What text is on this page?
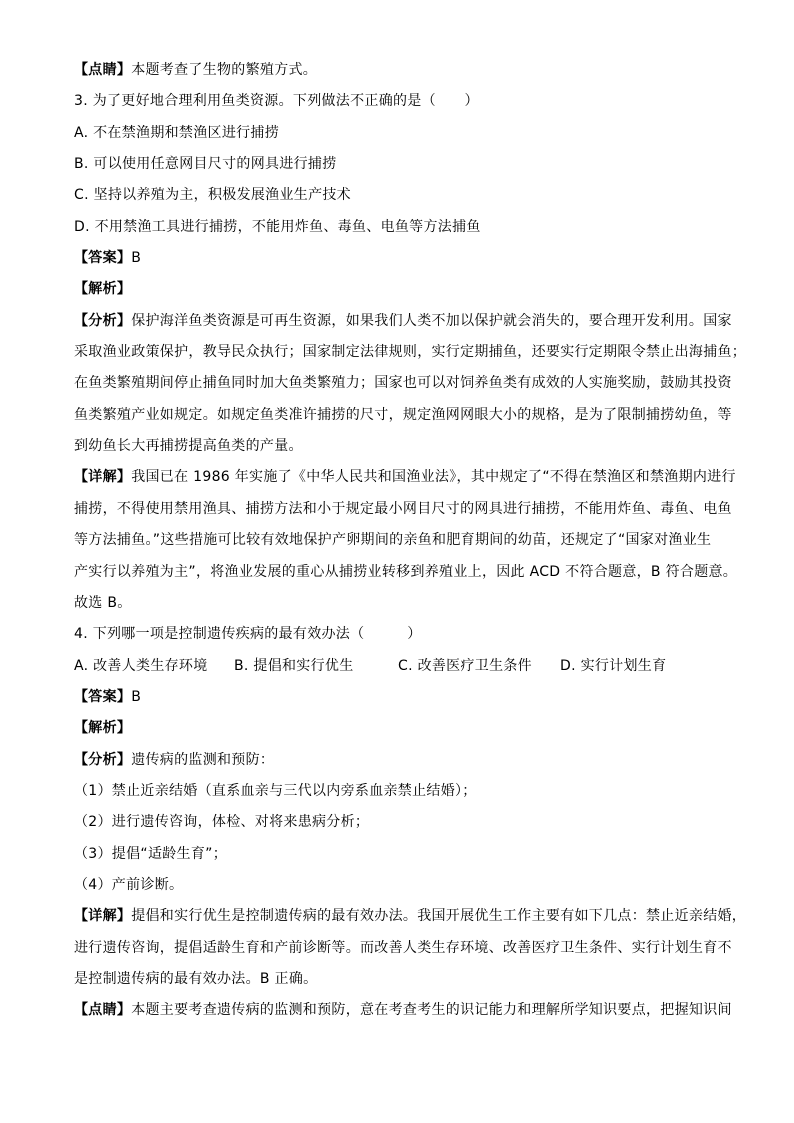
【点睛】本题考查了生物的繁殖方式。
3. 为了更好地合理利用鱼类资源。下列做法不正确的是（　　）
A. 不在禁渔期和禁渔区进行捕捞
B. 可以使用任意网目尺寸的网具进行捕捞
C. 坚持以养殖为主，积极发展渔业生产技术
D. 不用禁渔工具进行捕捞，不能用炸鱼、毒鱼、电鱼等方法捕鱼
【答案】B
【解析】
【分析】保护海洋鱼类资源是可再生资源，如果我们人类不加以保护就会消失的，要合理开发利用。国家
采取渔业政策保护，教导民众执行；国家制定法律规则，实行定期捕鱼，还要实行定期限令禁止出海捕鱼；
在鱼类繁殖期间停止捕鱼同时加大鱼类繁殖力；国家也可以对饲养鱼类有成效的人实施奖励，鼓励其投资
鱼类繁殖产业如规定。如规定鱼类准许捕捞的尺寸，规定渔网网眼大小的规格，是为了限制捕捞幼鱼，等
到幼鱼长大再捕捞提高鱼类的产量。
【详解】我国已在 1986 年实施了《中华人民共和国渔业法》，其中规定了“不得在禁渔区和禁渔期内进行
捕捞，不得使用禁用渔具、捕捞方法和小于规定最小网目尺寸的网具进行捕捞，不能用炸鱼、毒鱼、电鱼
等方法捕鱼。”这些措施可比较有效地保护产卵期间的亲鱼和肥育期间的幼苗，还规定了“国家对渔业生
产实行以养殖为主”，将渔业发展的重心从捕捞业转移到养殖业上，因此 ACD 不符合题意，B 符合题意。
故选 B。
4. 下列哪一项是控制遗传疾病的最有效办法（　　　）
A. 改善人类生存环境 B. 提倡和实行优生	C. 改善医疗卫生条件 D. 实行计划生育
【答案】B
【解析】
【分析】遗传病的监测和预防：
（1）禁止近亲结婚（直系血亲与三代以内旁系血亲禁止结婚）；
（2）进行遗传咨询，体检、对将来患病分析；
（3）提倡“适龄生育”；
（4）产前诊断。
【详解】提倡和实行优生是控制遗传病的最有效办法。我国开展优生工作主要有如下几点：禁止近亲结婚，
进行遗传咨询，提倡适龄生育和产前诊断等。而改善人类生存环境、改善医疗卫生条件、实行计划生育不
是控制遗传病的最有效办法。B 正确。
【点睛】本题主要考查遗传病的监测和预防，意在考查考生的识记能力和理解所学知识要点，把握知识间
